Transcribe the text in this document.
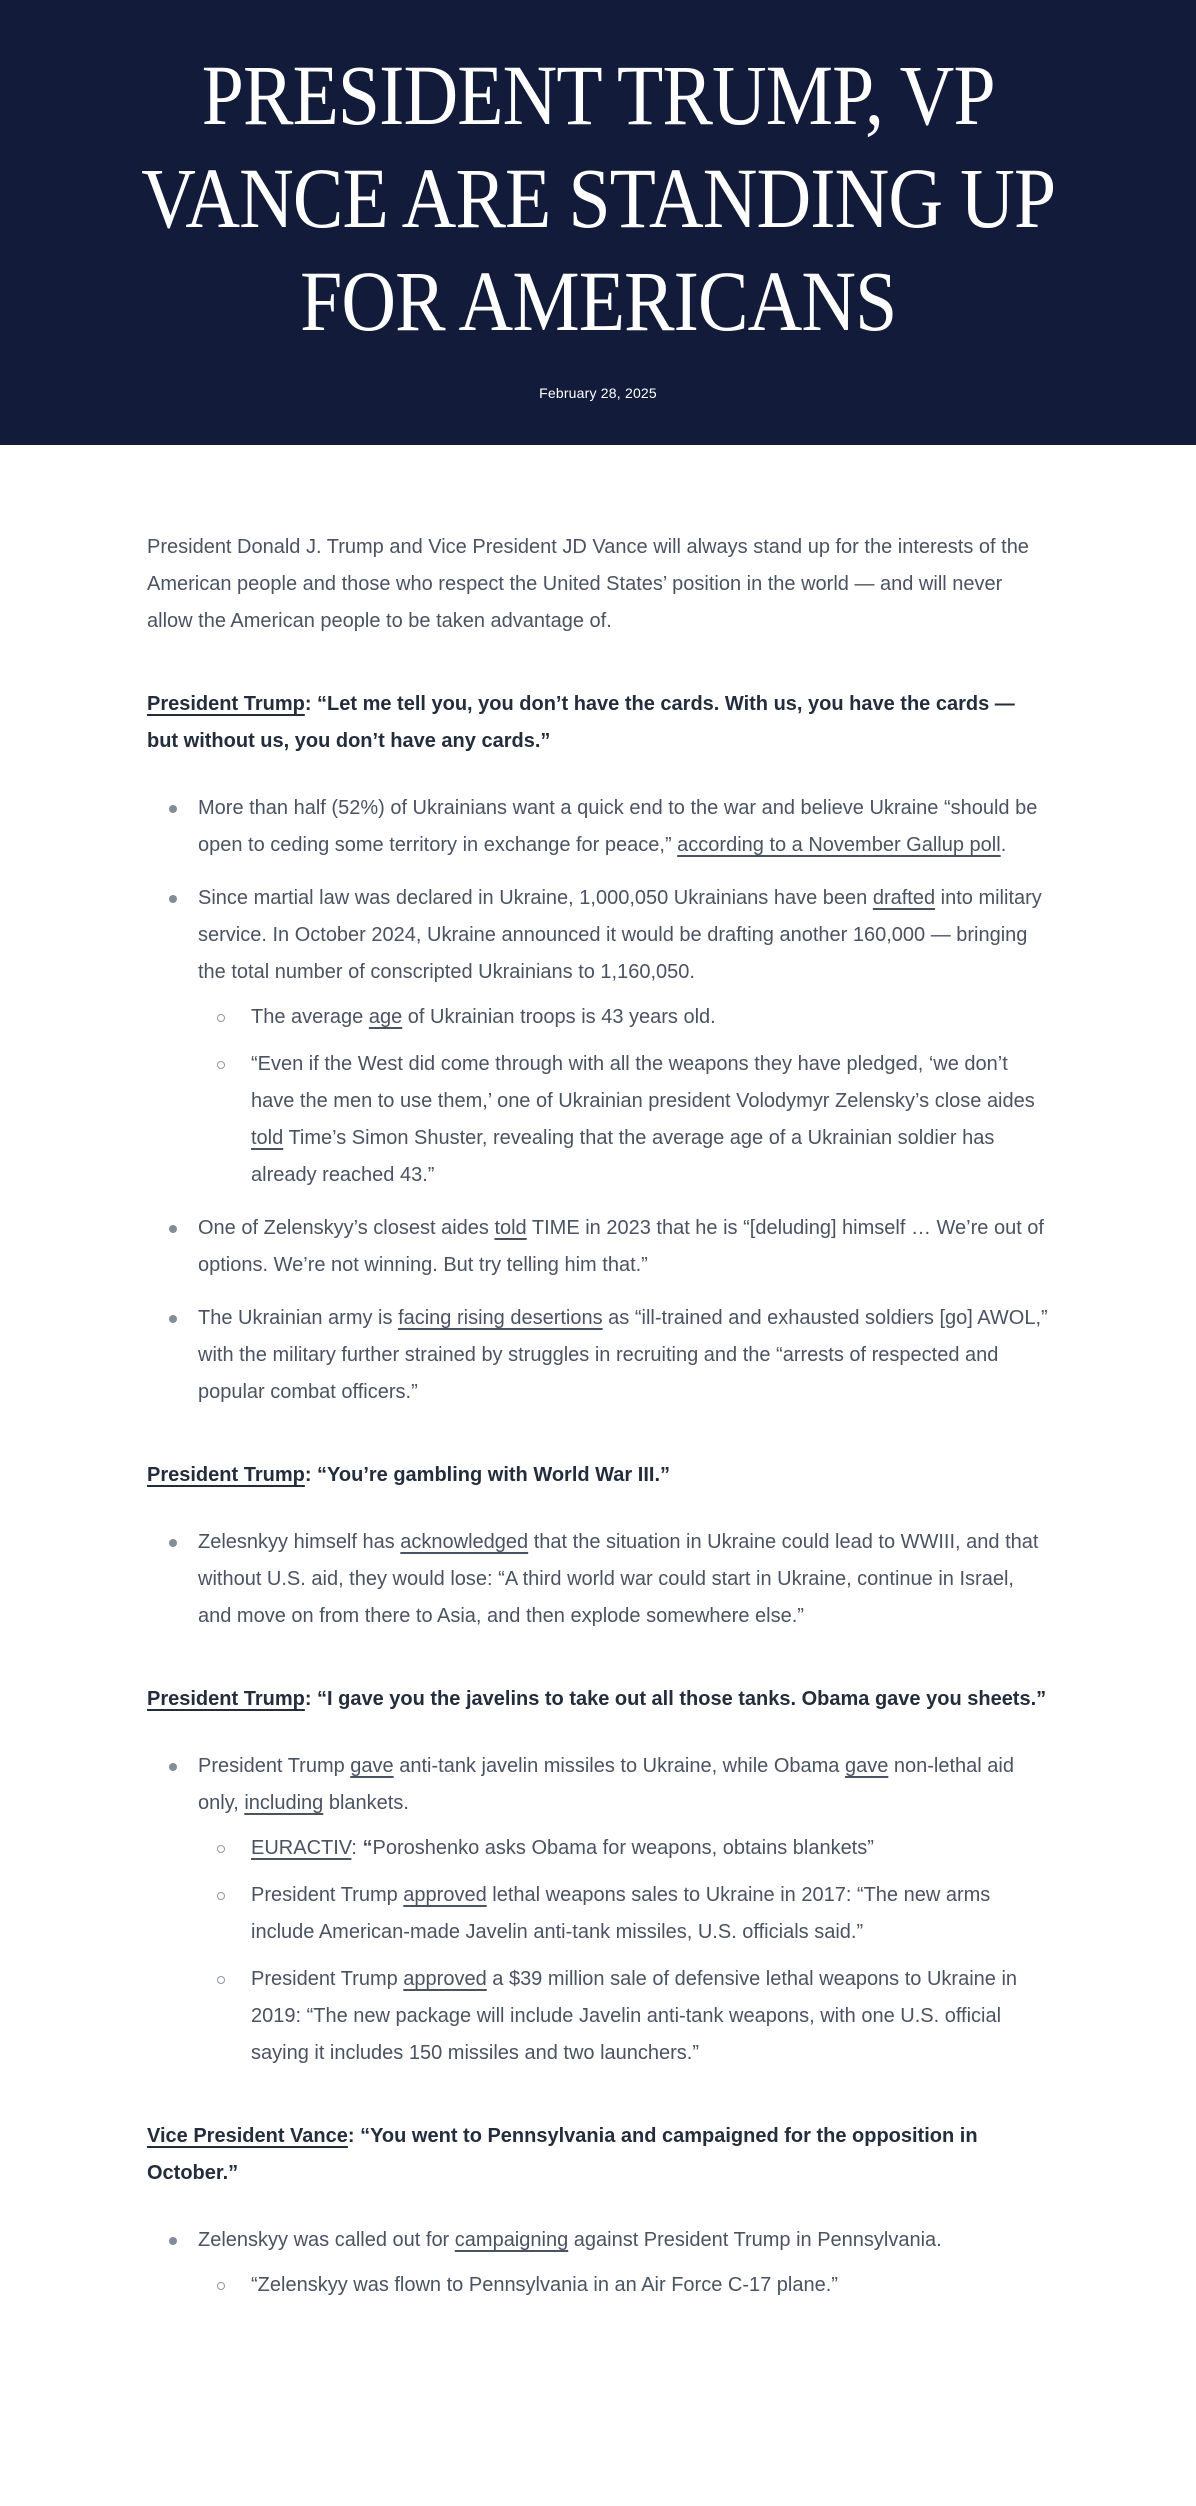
PRESIDENT TRUMP, VP
VANCE ARE STANDING UP
FOR AMERICANS
February 28, 2025

President Donald J. Trump and Vice President JD Vance will always stand up for the interests of the American people and those who respect the United States’ position in the world — and will never allow the American people to be taken advantage of.

President Trump: “Let me tell you, you don’t have the cards. With us, you have the cards — but without us, you don’t have any cards.”
More than half (52%) of Ukrainians want a quick end to the war and believe Ukraine “should be open to ceding some territory in exchange for peace,” according to a November Gallup poll.
Since martial law was declared in Ukraine, 1,000,050 Ukrainians have been drafted into military service. In October 2024, Ukraine announced it would be drafting another 160,000 — bringing the total number of conscripted Ukrainians to 1,160,050.
The average age of Ukrainian troops is 43 years old.
“Even if the West did come through with all the weapons they have pledged, ‘we don’t have the men to use them,’ one of Ukrainian president Volodymyr Zelensky’s close aides told Time’s Simon Shuster, revealing that the average age of a Ukrainian soldier has already reached 43.”
One of Zelenskyy’s closest aides told TIME in 2023 that he is “[deluding] himself … We’re out of options. We’re not winning. But try telling him that.”
The Ukrainian army is facing rising desertions as “ill-trained and exhausted soldiers [go] AWOL,” with the military further strained by struggles in recruiting and the “arrests of respected and popular combat officers.”
President Trump: “You’re gambling with World War III.”
Zelesnkyy himself has acknowledged that the situation in Ukraine could lead to WWIII, and that without U.S. aid, they would lose: “A third world war could start in Ukraine, continue in Israel, and move on from there to Asia, and then explode somewhere else.”
President Trump: “I gave you the javelins to take out all those tanks. Obama gave you sheets.”
President Trump gave anti-tank javelin missiles to Ukraine, while Obama gave non-lethal aid only, including blankets.
EURACTIV: “Poroshenko asks Obama for weapons, obtains blankets”
President Trump approved lethal weapons sales to Ukraine in 2017: “The new arms include American-made Javelin anti-tank missiles, U.S. officials said.”
President Trump approved a $39 million sale of defensive lethal weapons to Ukraine in 2019: “The new package will include Javelin anti-tank weapons, with one U.S. official saying it includes 150 missiles and two launchers.”
Vice President Vance: “You went to Pennsylvania and campaigned for the opposition in October.”
Zelenskyy was called out for campaigning against President Trump in Pennsylvania.
“Zelenskyy was flown to Pennsylvania in an Air Force C-17 plane.”
